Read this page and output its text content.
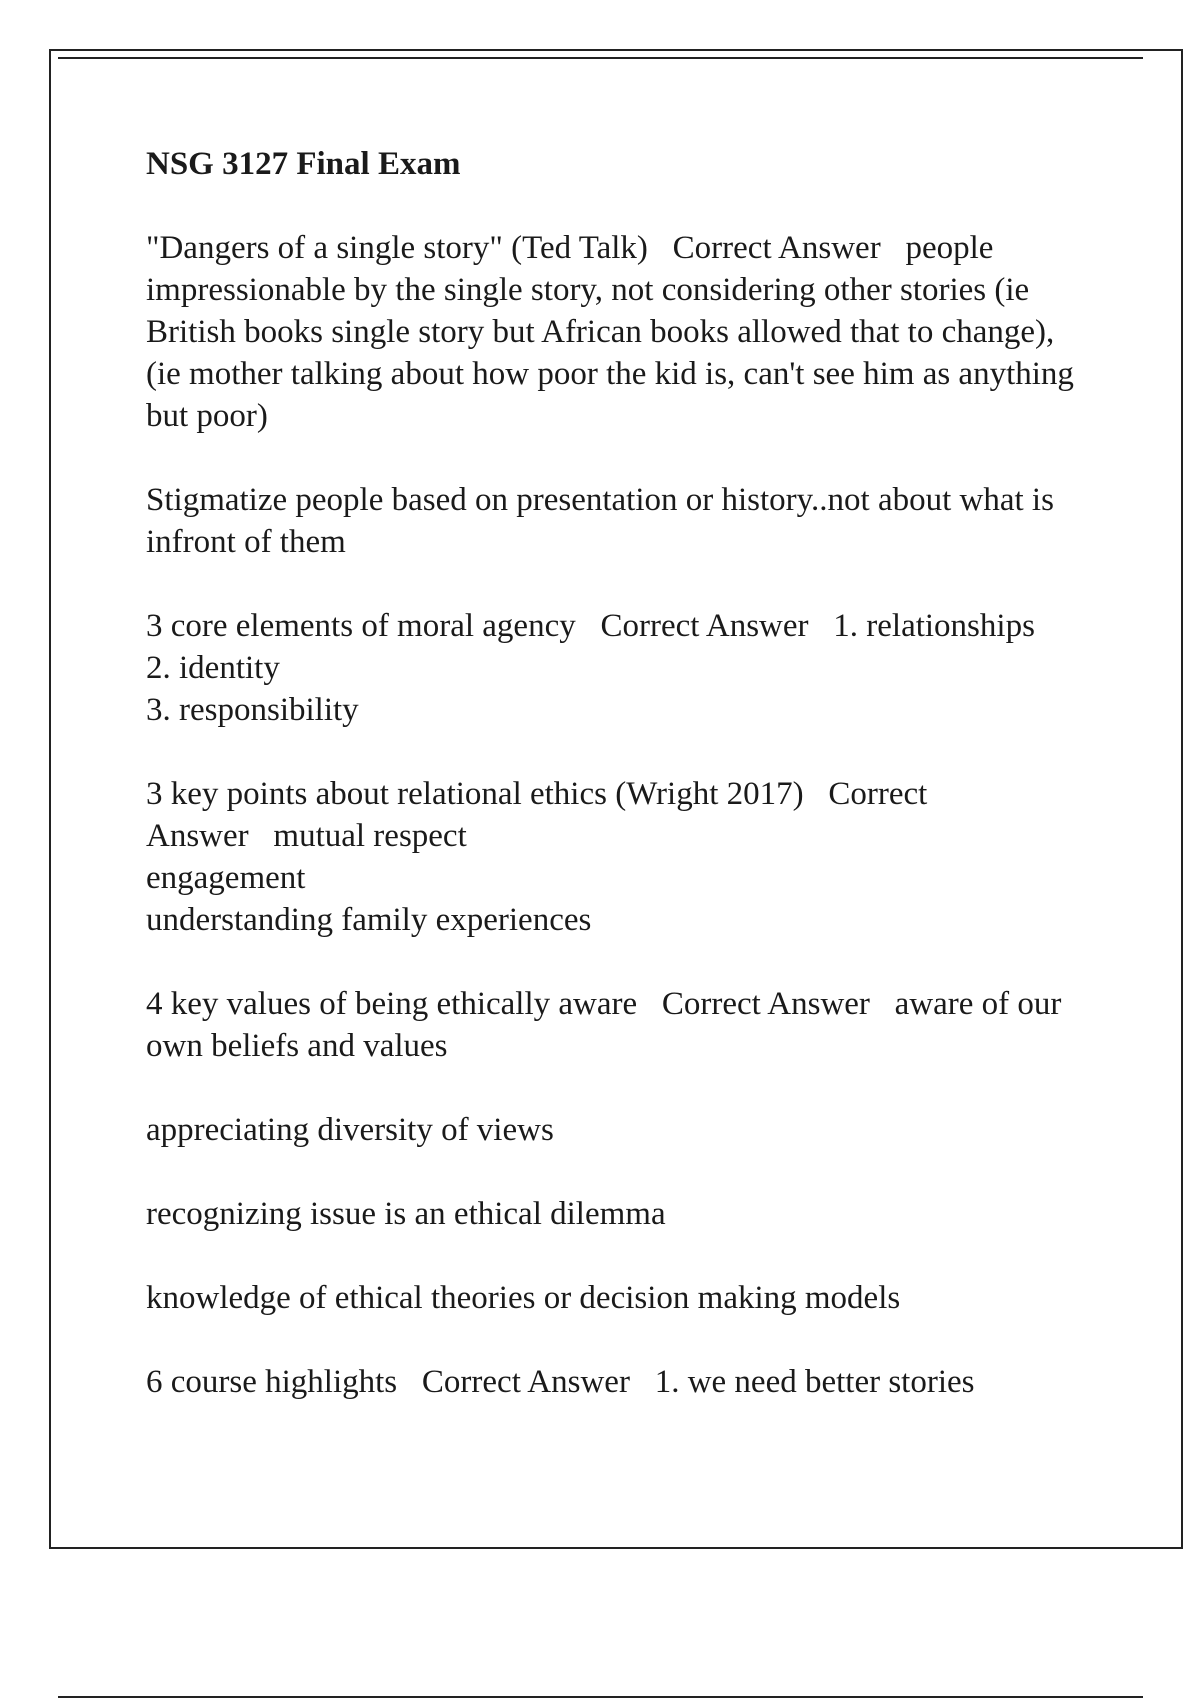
NSG 3127 Final Exam
"Dangers of a single story" (Ted Talk) Correct Answer people impressionable by the single story, not considering other stories (ie British books single story but African books allowed that to change), (ie mother talking about how poor the kid is, can't see him as anything but poor)
Stigmatize people based on presentation or history..not about what is infront of them
3 core elements of moral agency Correct Answer 1. relationships
2. identity
3. responsibility
3 key points about relational ethics (Wright 2017) Correct Answer mutual respect
engagement
understanding family experiences
4 key values of being ethically aware Correct Answer aware of our own beliefs and values
appreciating diversity of views
recognizing issue is an ethical dilemma
knowledge of ethical theories or decision making models
6 course highlights Correct Answer 1. we need better stories
